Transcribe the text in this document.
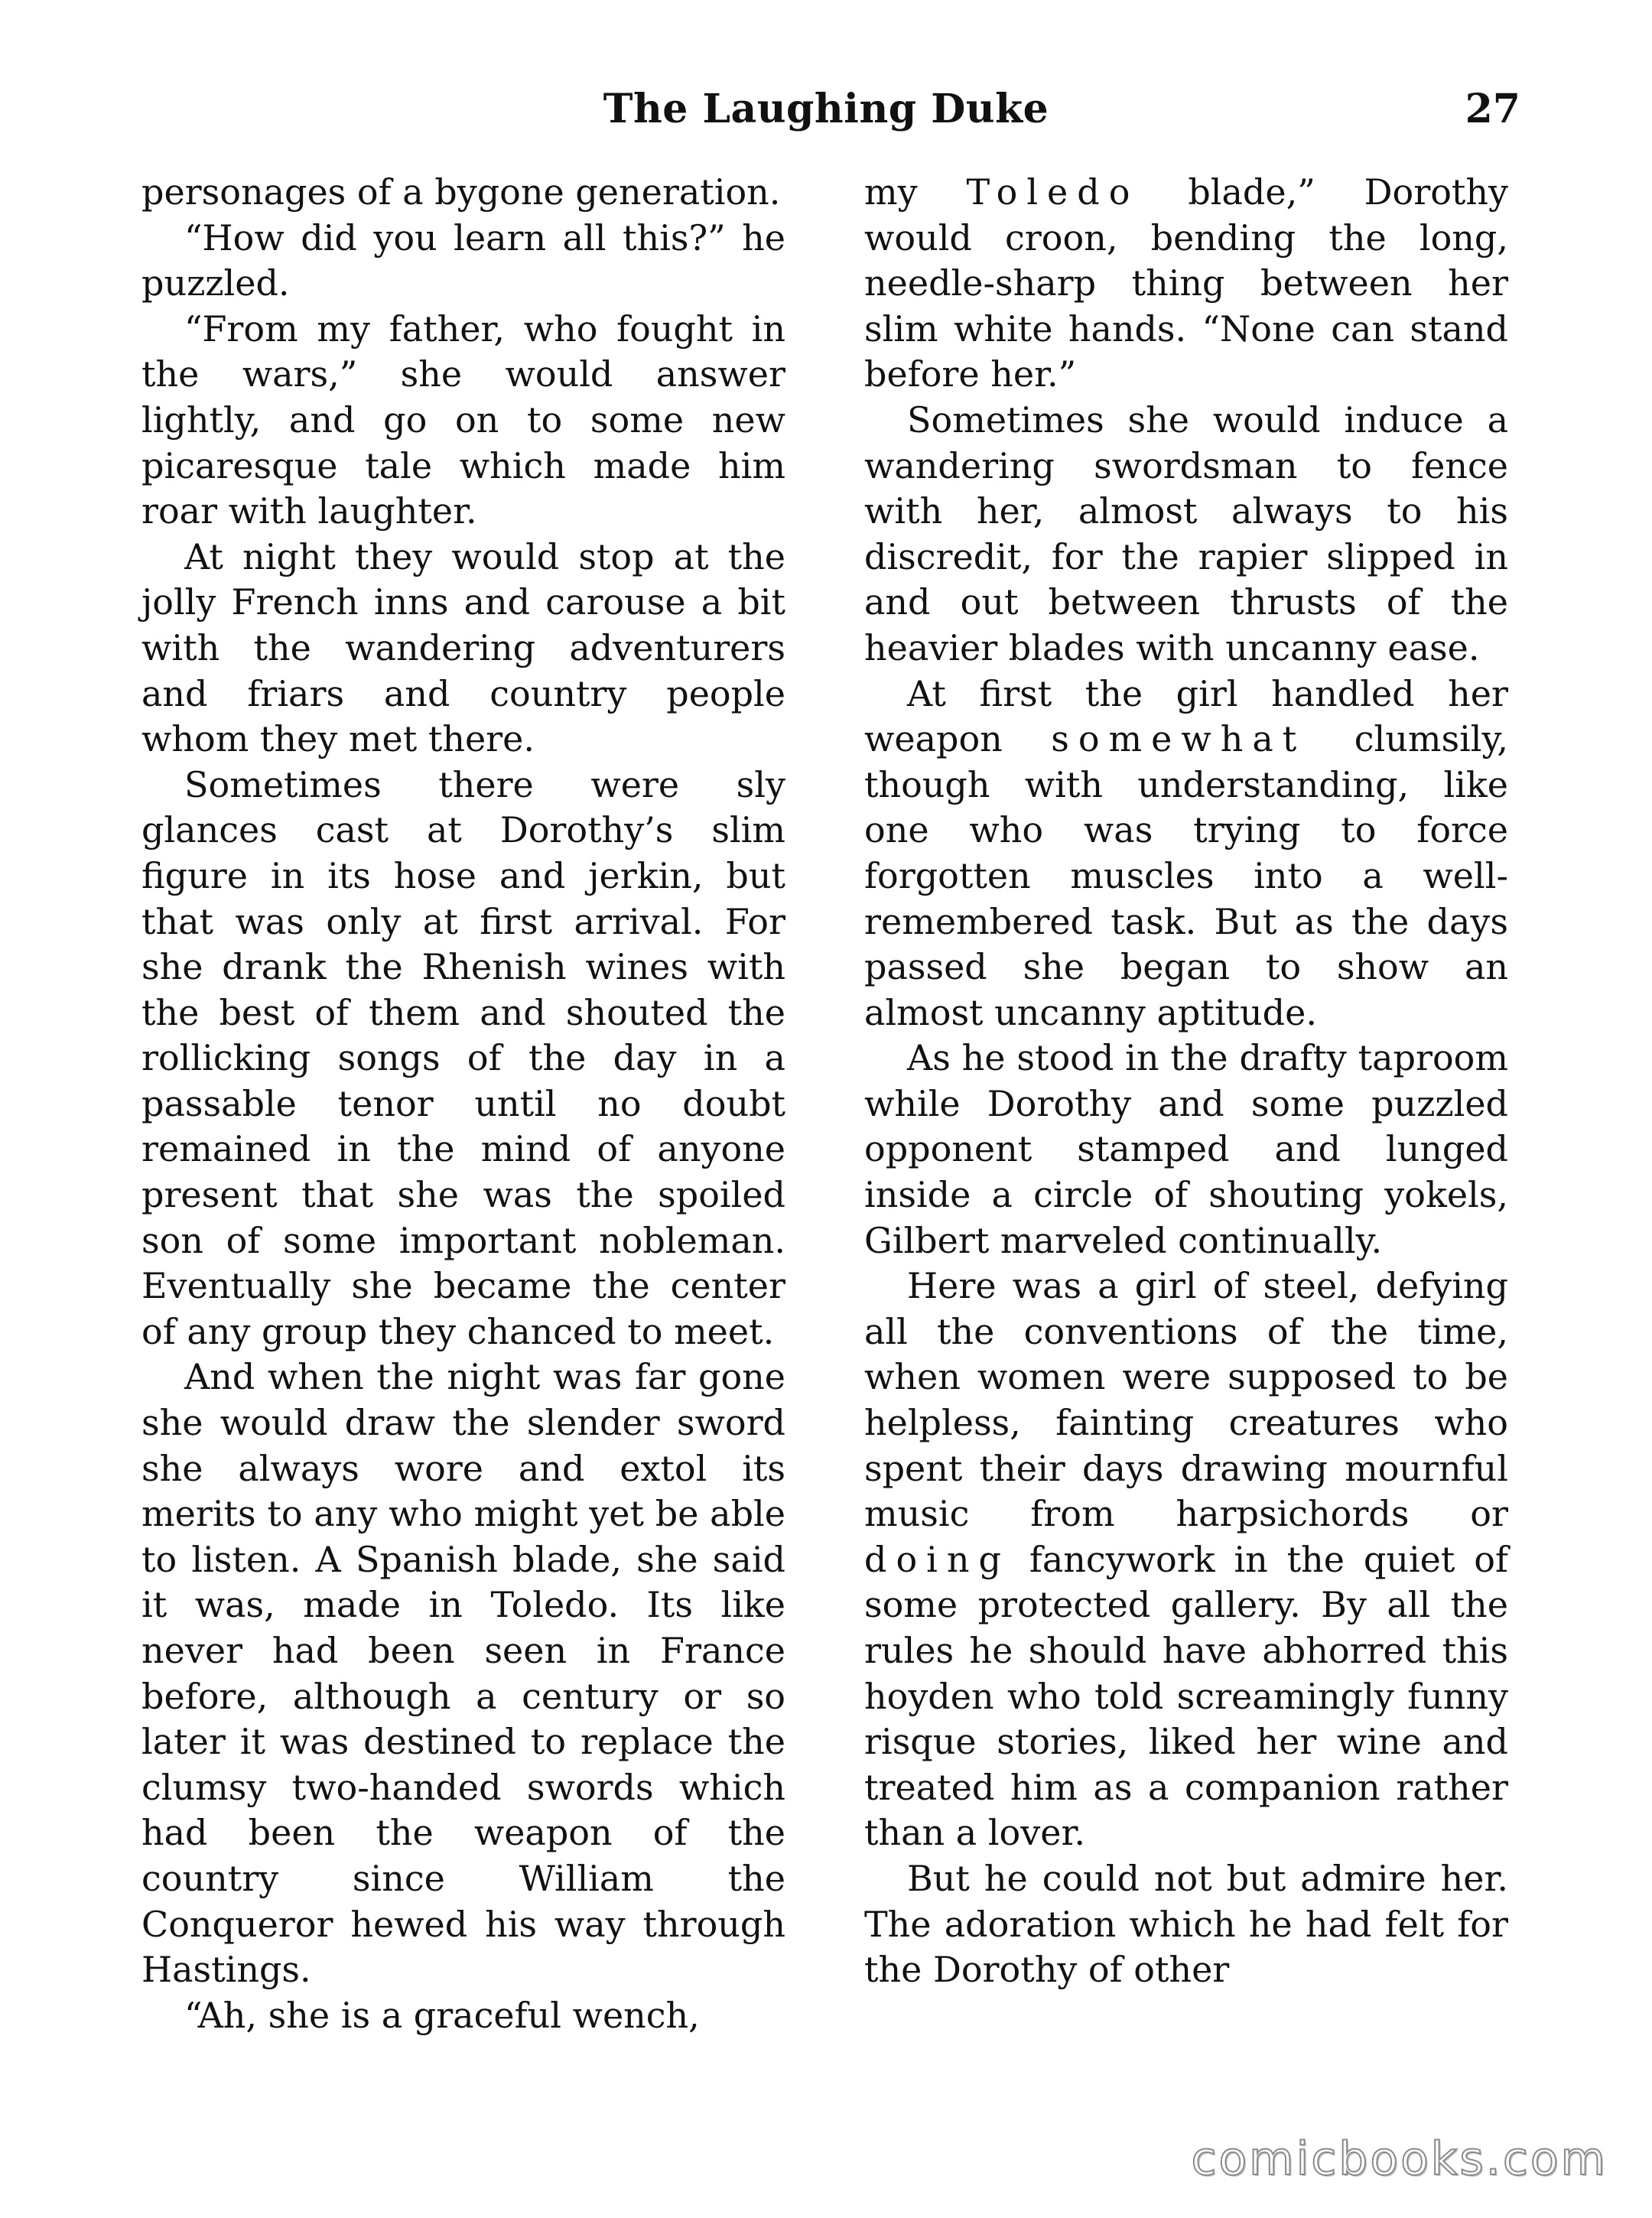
The Laughing Duke	27

personages of a bygone generation.

“How did you learn all this?” he puzzled.

“From my father, who fought in the wars,” she would answer lightly, and go on to some new picaresque tale which made him roar with laughter.

At night they would stop at the jolly French inns and carouse a bit with the wandering adventurers and friars and country people whom they met there.

Sometimes there were sly glances cast at Dorothy’s slim figure in its hose and jerkin, but that was only at first arrival. For she drank the Rhenish wines with the best of them and shouted the rollicking songs of the day in a passable tenor until no doubt remained in the mind of anyone present that she was the spoiled son of some important nobleman. Eventually she became the center of any group they chanced to meet.

And when the night was far gone she would draw the slender sword she always wore and extol its merits to any who might yet be able to listen. A Spanish blade, she said it was, made in Toledo. Its like never had been seen in France before, although a century or so later it was destined to replace the clumsy two-handed swords which had been the weapon of the country since William the Conqueror hewed his way through Hastings.

“Ah, she is a graceful wench,

my Toledo blade,” Dorothy would croon, bending the long, needle-sharp thing between her slim white hands. “None can stand before her.”

Sometimes she would induce a wandering swordsman to fence with her, almost always to his discredit, for the rapier slipped in and out between thrusts of the heavier blades with uncanny ease.

At first the girl handled her weapon somewhat clumsily, though with understanding, like one who was trying to force forgotten muscles into a well-remembered task. But as the days passed she began to show an almost uncanny aptitude.

As he stood in the drafty taproom while Dorothy and some puzzled opponent stamped and lunged inside a circle of shouting yokels, Gilbert marveled continually.

Here was a girl of steel, defying all the conventions of the time, when women were supposed to be helpless, fainting creatures who spent their days drawing mournful music from harpsichords or doing fancywork in the quiet of some protected gallery. By all the rules he should have abhorred this hoyden who told screamingly funny risque stories, liked her wine and treated him as a companion rather than a lover.

But he could not but admire her. The adoration which he had felt for the Dorothy of other

comicbooks.com
